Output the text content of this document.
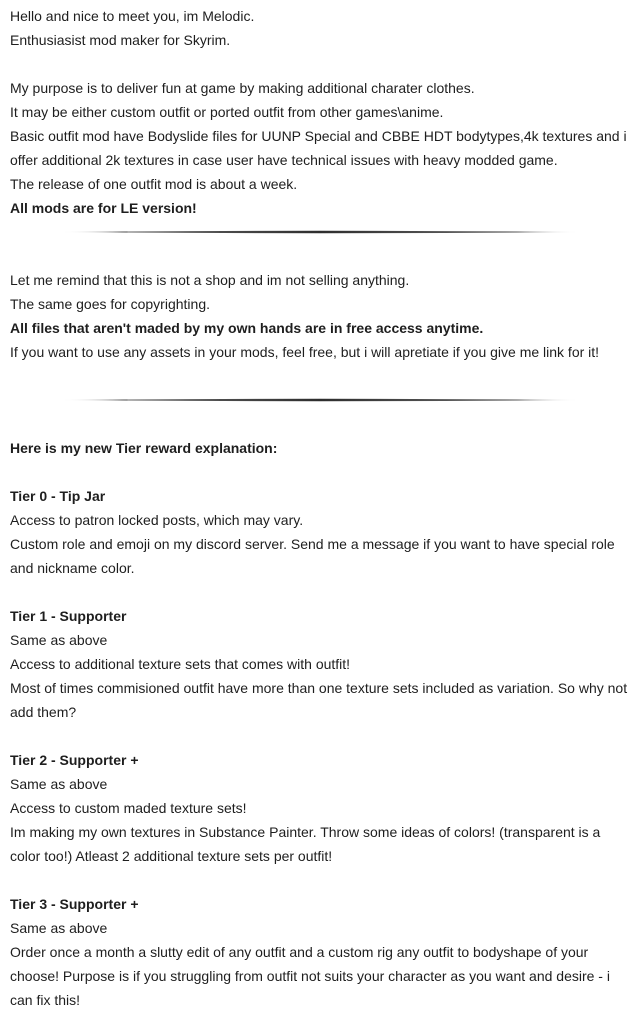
Hello and nice to meet you, im Melodic.
Enthusiasist mod maker for Skyrim.
My purpose is to deliver fun at game by making additional charater clothes.
It may be either custom outfit or ported outfit from other games\anime.
Basic outfit mod have Bodyslide files for UUNP Special and CBBE HDT bodytypes,4k textures and i offer additional 2k textures in case user have technical issues with heavy modded game.
The release of one outfit mod is about a week.
All mods are for LE version!
Let me remind that this is not a shop and im not selling anything.
The same goes for copyrighting.
All files that aren't maded by my own hands are in free access anytime.
If you want to use any assets in your mods, feel free, but i will apretiate if you give me link for it!
Here is my new Tier reward explanation:
Tier 0 - Tip Jar
Access to patron locked posts, which may vary.
Custom role and emoji on my discord server. Send me a message if you want to have special role and nickname color.
Tier 1 - Supporter
Same as above
Access to additional texture sets that comes with outfit!
Most of times commisioned outfit have more than one texture sets included as variation. So why not add them?
Tier 2 - Supporter +
Same as above
Access to custom maded texture sets!
Im making my own textures in Substance Painter. Throw some ideas of colors! (transparent is a color too!) Atleast 2 additional texture sets per outfit!
Tier 3 - Supporter +
Same as above
Order once a month a slutty edit of any outfit and a custom rig any outfit to bodyshape of your choose! Purpose is if you struggling from outfit not suits your character as you want and desire - i can fix this!
